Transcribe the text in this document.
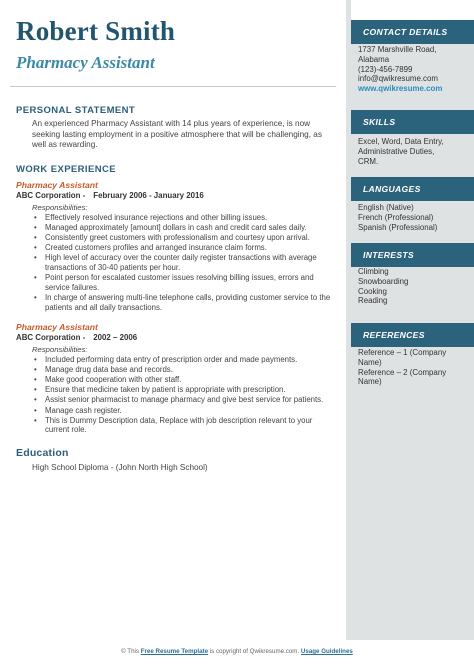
Robert Smith
Pharmacy Assistant
PERSONAL STATEMENT
An experienced Pharmacy Assistant with 14 plus years of experience, is now seeking lasting employment in a positive atmosphere that will be challenging, as well as rewarding.
WORK EXPERIENCE
Pharmacy Assistant
ABC Corporation - February 2006 - January 2016
Responsibilities:
• Effectively resolved insurance rejections and other billing issues.
• Managed approximately [amount] dollars in cash and credit card sales daily.
• Consistently greet customers with professionalism and courtesy upon arrival.
• Created customers profiles and arranged insurance claim forms.
• High level of accuracy over the counter daily register transactions with average transactions of 30-40 patients per hour.
• Point person for escalated customer issues resolving billing issues, errors and service failures.
• In charge of answering multi-line telephone calls, providing customer service to the patients and all daily transactions.
Pharmacy Assistant
ABC Corporation - 2002 – 2006
Responsibilities:
• Included performing data entry of prescription order and made payments.
• Manage drug data base and records.
• Make good cooperation with other staff.
• Ensure that medicine taken by patient is appropriate with prescription.
• Assist senior pharmacist to manage pharmacy and give best service for patients.
• Manage cash register.
• This is Dummy Description data, Replace with job description relevant to your current role.
Education
High School Diploma - (John North High School)
CONTACT DETAILS
1737 Marshville Road,
Alabama
(123)-456-7899
info@qwikresume.com
www.qwikresume.com
SKILLS
Excel, Word, Data Entry,
Administrative Duties,
CRM.
LANGUAGES
English (Native)
French (Professional)
Spanish (Professional)
INTERESTS
Climbing
Snowboarding
Cooking
Reading
REFERENCES
Reference – 1 (Company
Name)
Reference – 2 (Company
Name)
© This Free Resume Template is copyright of Qwikresume.com. Usage Guidelines
